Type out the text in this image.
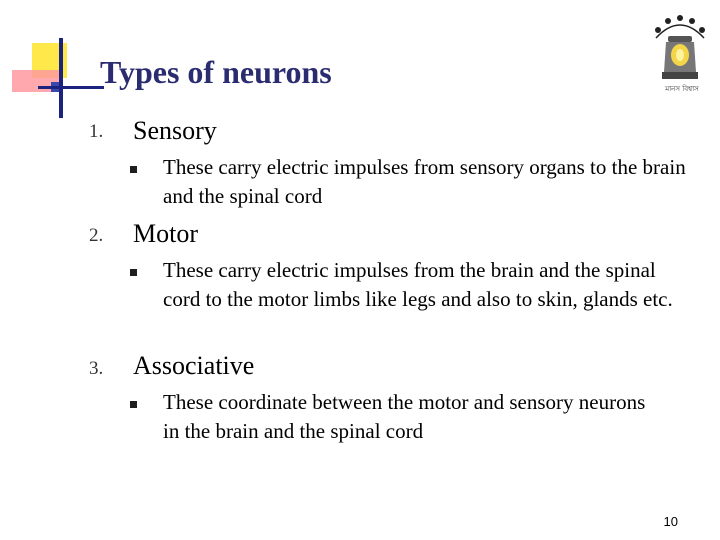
Types of neurons	মানস বিশ্বাস
1. Sensory
These carry electric impulses from sensory organs to the brain and the spinal cord
2. Motor
These carry electric impulses from the brain and the spinal cord to the motor limbs like legs and also to skin, glands etc.
3. Associative
These coordinate between the motor and sensory neurons in the brain and the spinal cord
10
